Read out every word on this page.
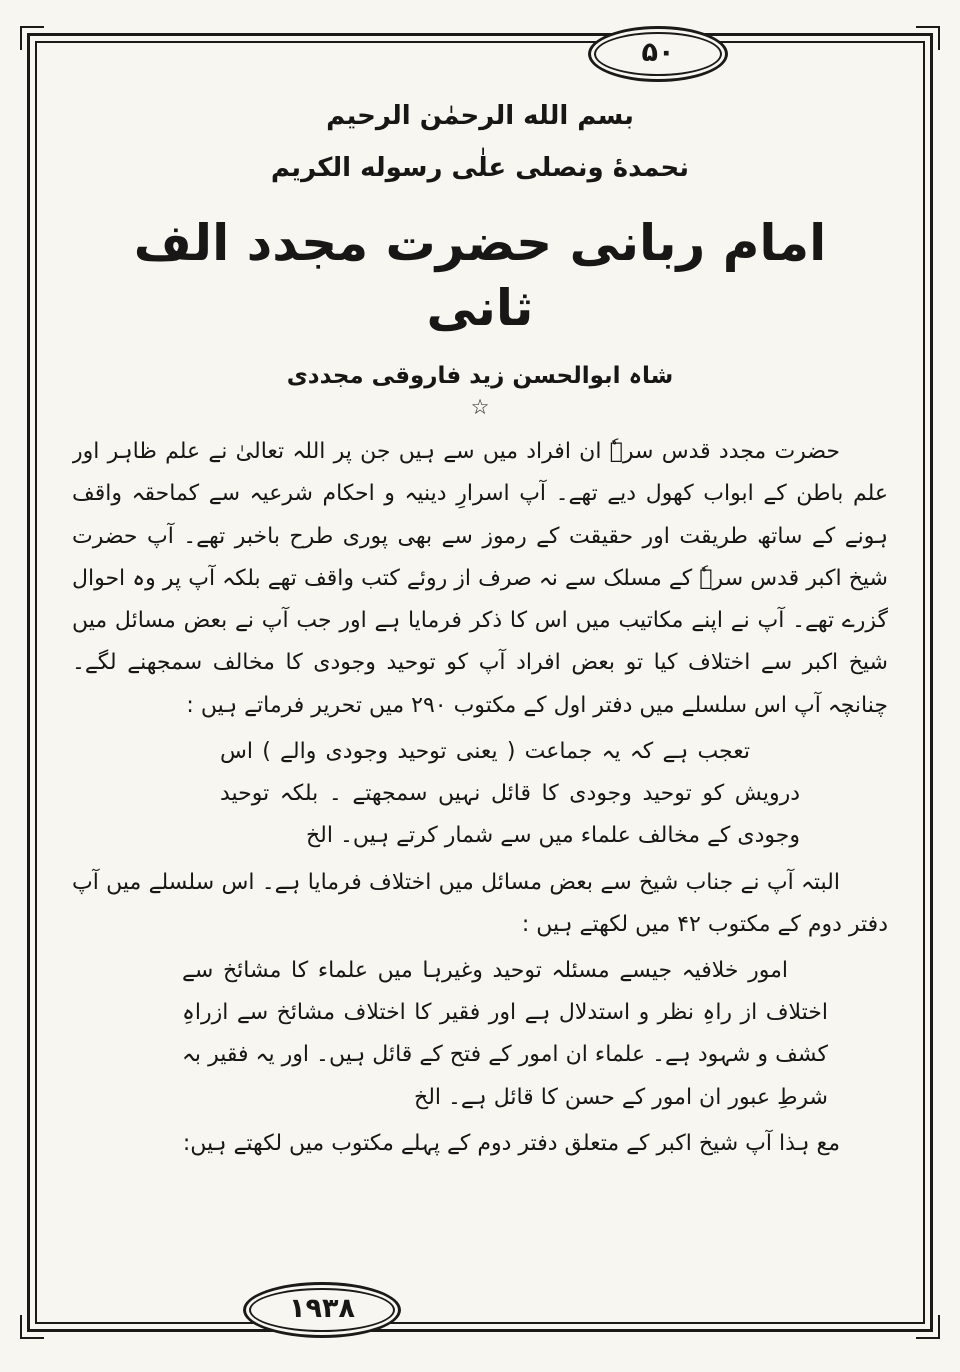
۵۰
بسم الله الرحمٰن الرحیم
نحمدهٔ ونصلی علٰی رسوله الکریم
امام ربانی حضرت مجدد الف ثانی
شاہ ابوالحسن زید فاروقی مجددی
☆

حضرت مجدد قدس سرہٗ ان افراد میں سے ہیں جن پر اللہ تعالیٰ نے علم ظاہر اور علم باطن کے ابواب کھول دیے تھے۔ آپ اسرارِ دینیہ و احکام شرعیہ سے کماحقہ واقف ہونے کے ساتھ طریقت اور حقیقت کے رموز سے بھی پوری طرح باخبر تھے۔ آپ حضرت شیخ اکبر قدس سرہٗ کے مسلک سے نہ صرف از روئے کتب واقف تھے بلکہ آپ پر وہ احوال گزرے تھے۔ آپ نے اپنے مکاتیب میں اس کا ذکر فرمایا ہے اور جب آپ نے بعض مسائل میں شیخ اکبر سے اختلاف کیا تو بعض افراد آپ کو توحید وجودی کا مخالف سمجھنے لگے۔ چنانچہ آپ اس سلسلے میں دفتر اول کے مکتوب ۲۹۰ میں تحریر فرماتے ہیں :

تعجب ہے کہ یہ جماعت ( یعنی توحید وجودی والے ) اس درویش کو توحید وجودی کا قائل نہیں سمجھتے ۔ بلکہ توحید وجودی کے مخالف علماء میں سے شمار کرتے ہیں۔ الخ

البتہ آپ نے جناب شیخ سے بعض مسائل میں اختلاف فرمایا ہے۔ اس سلسلے میں آپ دفتر دوم کے مکتوب ۴۲ میں لکھتے ہیں :

امور خلافیہ جیسے مسئلہ توحید وغیرہا میں علماء کا مشائخ سے اختلاف از راہِ نظر و استدلال ہے اور فقیر کا اختلاف مشائخ سے ازراہِ کشف و شہود ہے۔ علماء ان امور کے فتح کے قائل ہیں۔ اور یہ فقیر بہ شرطِ عبور ان امور کے حسن کا قائل ہے۔ الخ

مع ہذا آپ شیخ اکبر کے متعلق دفتر دوم کے پہلے مکتوب میں لکھتے ہیں:

۱۹۳۸
